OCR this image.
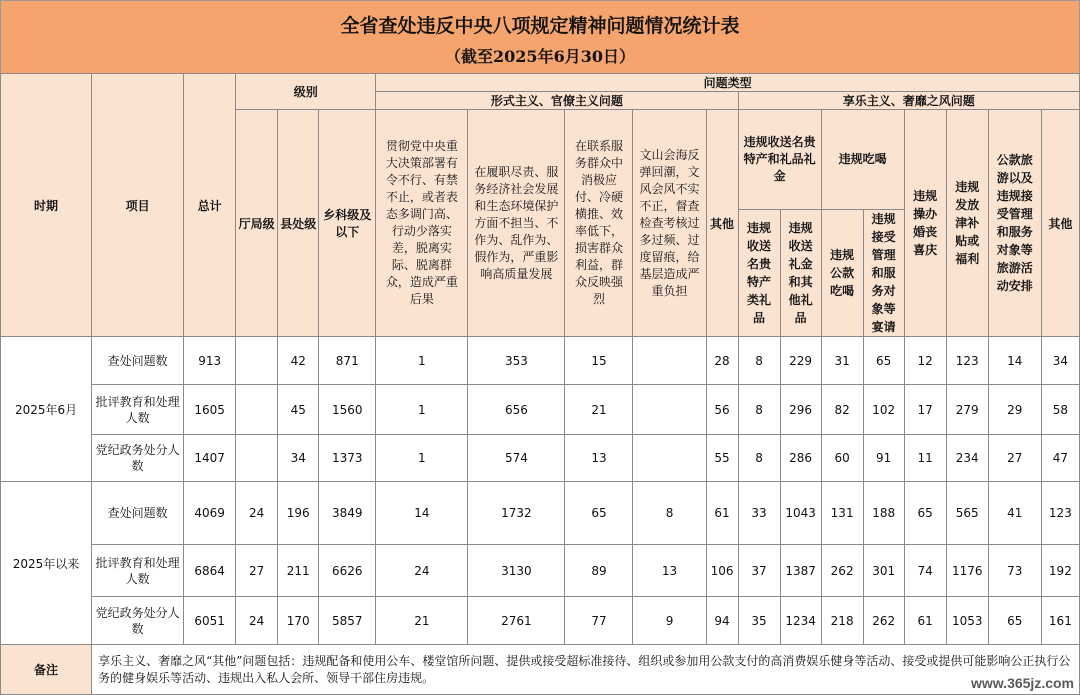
全省查处违反中央八项规定精神问题情况统计表
（截至2025年6月30日）
时期	项目	总计	级别			问题类型												
						形式主义、官僚主义问题					享乐主义、奢靡之风问题							
			厅局级	县处级	乡科级及以下	贯彻党中央重大决策部署有令不行、有禁不止，或者表态多调门高、行动少落实差，脱离实际、脱离群众，造成严重后果	在履职尽责、服务经济社会发展和生态环境保护方面不担当、不作为、乱作为、假作为，严重影响高质量发展	在联系服务群众中消极应付、冷硬横推、效率低下，损害群众利益，群众反映强烈	文山会海反弹回潮，文风会风不实不正，督查检查考核过多过频、过度留痕，给基层造成严重负担	其他	违规收送名贵特产和礼品礼金		违规吃喝		违规操办婚丧喜庆	违规发放津补贴或福利	公款旅游以及违规接受管理和服务对象等旅游活动安排	其他

											违规收送名贵特产类礼品	违规收送礼金和其他礼品	违规公款吃喝	违规接受管理和服务对象等宴请				
2025年6月	查处问题数	913		42	871	1	353	15		28	8	229	31	65	12	123	14	34
	批评教育和处理人数	1605		45	1560	1	656	21		56	8	296	82	102	17	279	29	58
	党纪政务处分人数	1407		34	1373	1	574	13		55	8	286	60	91	11	234	27	47
2025年以来	查处问题数	4069	24	196	3849	14	1732	65	8	61	33	1043	131	188	65	565	41	123
	批评教育和处理人数	6864	27	211	6626	24	3130	89	13	106	37	1387	262	301	74	1176	73	192
	党纪政务处分人数	6051	24	170	5857	21	2761	77	9	94	35	1234	218	262	61	1053	65	161
备注	享乐主义、奢靡之风“其他”问题包括：违规配备和使用公车、楼堂馆所问题、提供或接受超标准接待、组织或参加用公款支付的高消费娱乐健身等活动、接受或提供可能影响公正执行公务的健身娱乐等活动、违规出入私人会所、领导干部住房违规。																		www.365jz.com
